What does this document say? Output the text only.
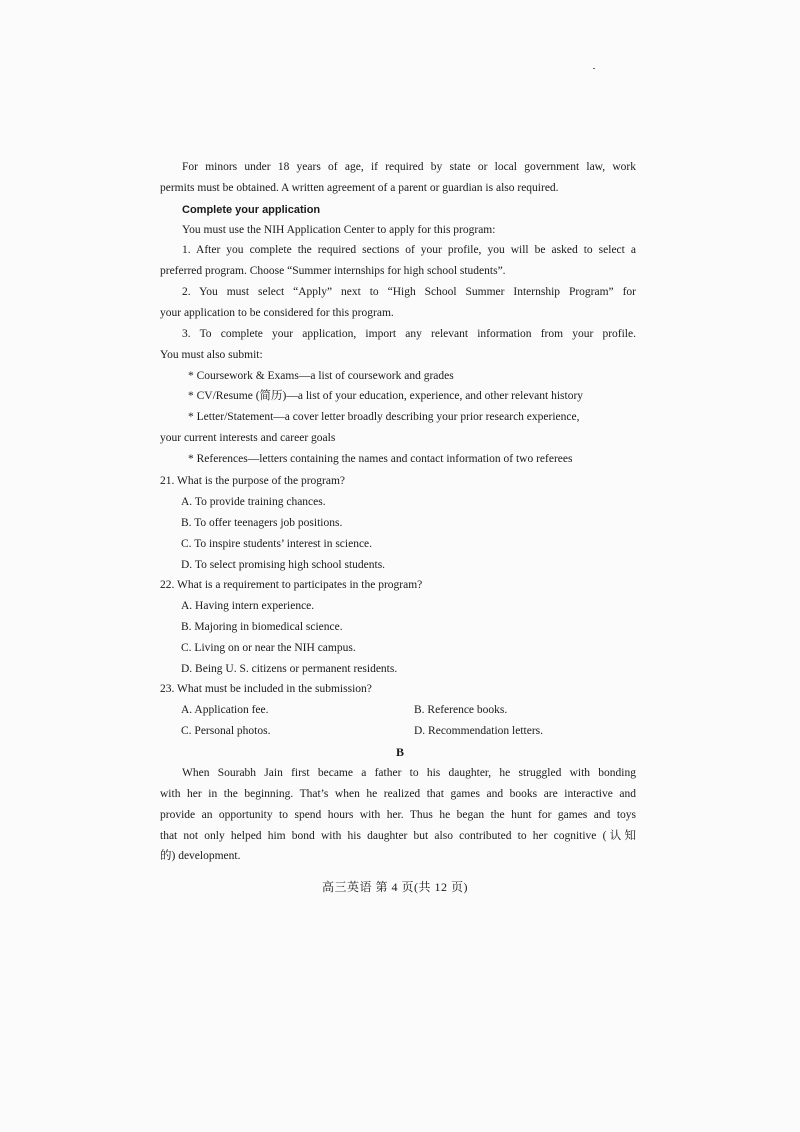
For minors under 18 years of age, if required by state or local government law, work
permits must be obtained. A written agreement of a parent or guardian is also required.
Complete your application
You must use the NIH Application Center to apply for this program:
1. After you complete the required sections of your profile, you will be asked to select a
preferred program. Choose “Summer internships for high school students”.
2. You must select “Apply” next to “High School Summer Internship Program” for
your application to be considered for this program.
3. To complete your application, import any relevant information from your profile.
You must also submit:
* Coursework & Exams—a list of coursework and grades
* CV/Resume (简历)—a list of your education, experience, and other relevant history
* Letter/Statement—a cover letter broadly describing your prior research experience,
your current interests and career goals
* References—letters containing the names and contact information of two referees
21. What is the purpose of the program?
A. To provide training chances.
B. To offer teenagers job positions.
C. To inspire students’ interest in science.
D. To select promising high school students.
22. What is a requirement to participates in the program?
A. Having intern experience.
B. Majoring in biomedical science.
C. Living on or near the NIH campus.
D. Being U. S. citizens or permanent residents.
23. What must be included in the submission?
A. Application fee.	B. Reference books.
C. Personal photos.	D. Recommendation letters.
B
When Sourabh Jain first became a father to his daughter, he struggled with bonding
with her in the beginning. That’s when he realized that games and books are interactive and
provide an opportunity to spend hours with her. Thus he began the hunt for games and toys
that not only helped him bond with his daughter but also contributed to her cognitive (认知
的) development.
高三英语 第 4 页(共 12 页)
